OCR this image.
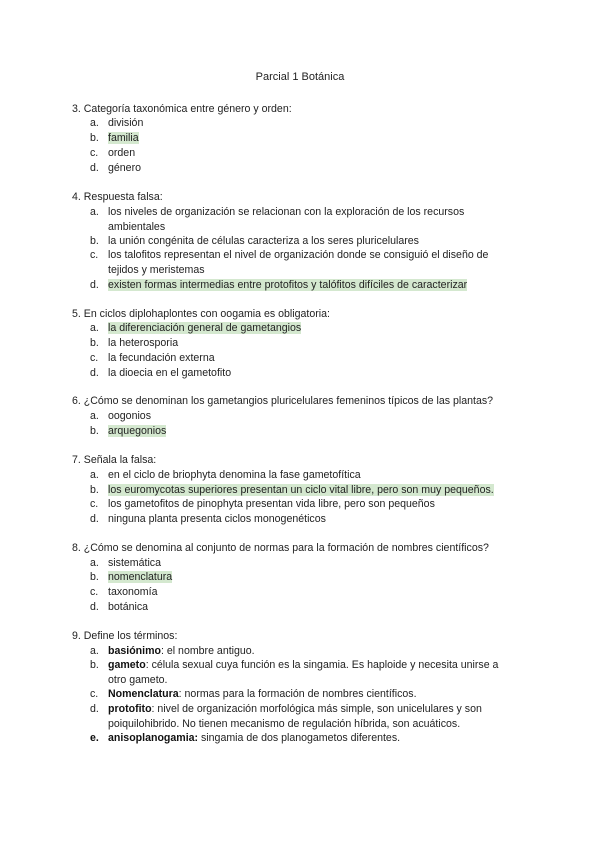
Parcial 1 Botánica
3. Categoría taxonómica entre género y orden:
a. división
b. familia
c. orden
d. género
4. Respuesta falsa:
a. los niveles de organización se relacionan con la exploración de los recursos
ambientales
b. la unión congénita de células caracteriza a los seres pluricelulares
c. los talofitos representan el nivel de organización donde se consiguió el diseño de
tejidos y meristemas
d. existen formas intermedias entre protofitos y talófitos difíciles de caracterizar
5. En ciclos diplohaplontes con oogamia es obligatoria:
a. la diferenciación general de gametangios
b. la heterosporia
c. la fecundación externa
d. la dioecia en el gametofito
6. ¿Cómo se denominan los gametangios pluricelulares femeninos típicos de las plantas?
a. oogonios
b. arquegonios
7. Señala la falsa:
a. en el ciclo de briophyta denomina la fase gametofítica
b. los euromycotas superiores presentan un ciclo vital libre, pero son muy pequeños.
c. los gametofitos de pinophyta presentan vida libre, pero son pequeños
d. ninguna planta presenta ciclos monogenéticos
8. ¿Cómo se denomina al conjunto de normas para la formación de nombres científicos?
a. sistemática
b. nomenclatura
c. taxonomía
d. botánica
9. Define los términos:
a. basiónimo: el nombre antiguo.
b. gameto: célula sexual cuya función es la singamia. Es haploide y necesita unirse a
otro gameto.
c. Nomenclatura: normas para la formación de nombres científicos.
d. protofito: nivel de organización morfológica más simple, son unicelulares y son
poiquilohibrido. No tienen mecanismo de regulación híbrida, son acuáticos.
e. anisoplanogamia: singamia de dos planogametos diferentes.
